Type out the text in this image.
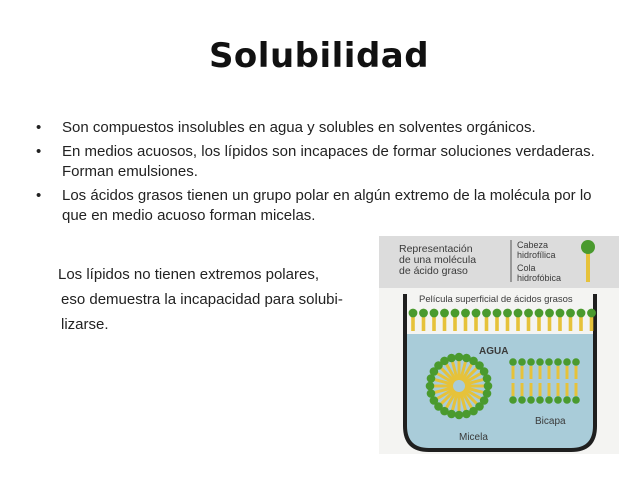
Solubilidad
• Son compuestos insolubles en agua y solubles en solventes orgánicos.
• En medios acuosos, los lípidos son incapaces de formar soluciones verdaderas. Forman emulsiones.
• Los ácidos grasos tienen un grupo polar en algún extremo de la molécula por lo que en medio acuoso forman micelas.
Los lípidos no tienen extremos polares,
eso demuestra la incapacidad para solubi-
lizarse.
Representación
de una molécula
de ácido graso
Cabeza
hidrofílica
Cola
hidrofóbica
Película superficial de ácidos grasos
AGUA
Bicapa
Micela
